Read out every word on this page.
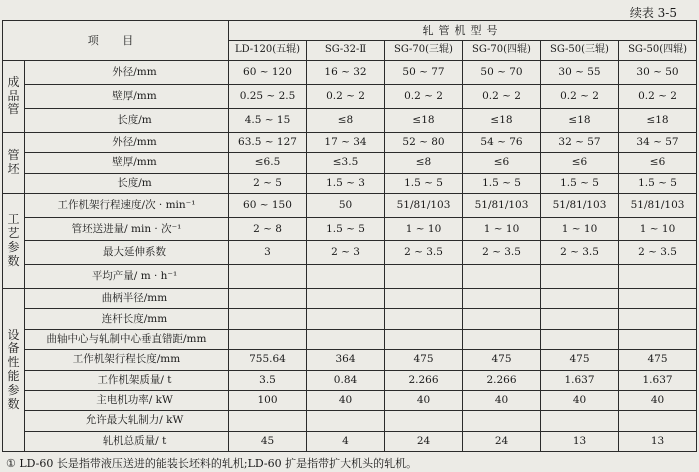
续表 3-5
项 目		轧管机型号					
		LD-120(五辊)	SG-32-Ⅱ	SG-70(三辊)	SG-70(四辊)	SG-50(三辊)	SG-50(四辊)
成品管	外径/mm	60 ~ 120	16 ~ 32	50 ~ 77	50 ~ 70	30 ~ 55	30 ~ 50
	壁厚/mm	0.25 ~ 2.5	0.2 ~ 2	0.2 ~ 2	0.2 ~ 2	0.2 ~ 2	0.2 ~ 2
	长度/m	4.5 ~ 15	≤8	≤18	≤18	≤18	≤18
管坯	外径/mm	63.5 ~ 127	17 ~ 34	52 ~ 80	54 ~ 76	32 ~ 57	34 ~ 57
	壁厚/mm	≤6.5	≤3.5	≤8	≤6	≤6	≤6
	长度/m	2 ~ 5	1.5 ~ 3	1.5 ~ 5	1.5 ~ 5	1.5 ~ 5	1.5 ~ 5
工艺参数	工作机架行程速度/次 · min⁻¹	60 ~ 150	50	51/81/103	51/81/103	51/81/103	51/81/103
	管坯送进量/ min · 次⁻¹	2 ~ 8	1.5 ~ 5	1 ~ 10	1 ~ 10	1 ~ 10	1 ~ 10
	最大延伸系数	3	2 ~ 3	2 ~ 3.5	2 ~ 3.5	2 ~ 3.5	2 ~ 3.5
	平均产量/ m · h⁻¹						
设备性能参数	曲柄半径/mm						
	连杆长度/mm						
	曲轴中心与轧制中心垂直错距/mm						
	工作机架行程长度/mm	755.64	364	475	475	475	475
	工作机架质量/ t	3.5	0.84	2.266	2.266	1.637	1.637
	主电机功率/ kW	100	40	40	40	40	40
	允许最大轧制力/ kW						
	轧机总质量/ t	45	4	24	24	13	13
① LD-60 长是指带液压送进的能装长坯料的轧机;LD-60 扩是指带扩大机头的轧机。
